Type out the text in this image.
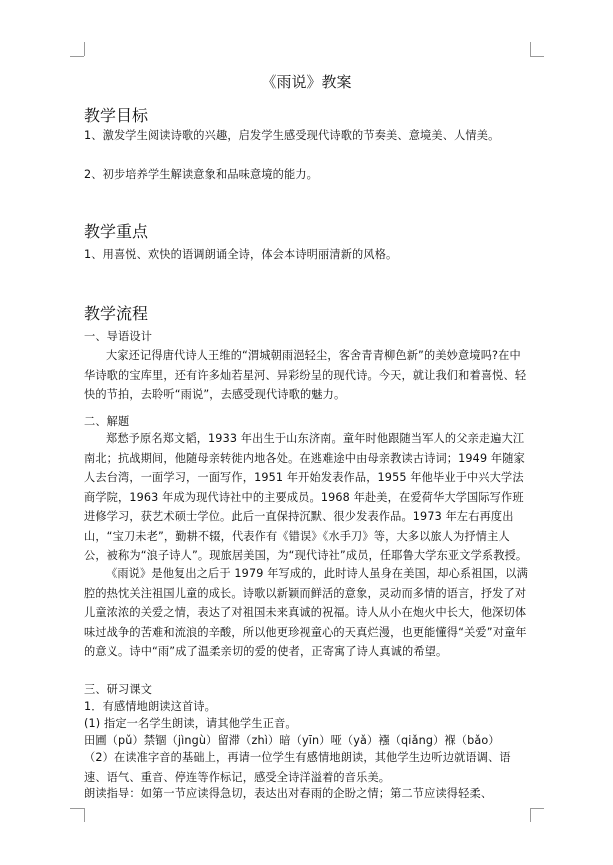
《雨说》教案
教学目标
1、激发学生阅读诗歌的兴趣，启发学生感受现代诗歌的节奏美、意境美、人情美。
2、初步培养学生解读意象和品味意境的能力。
教学重点
1、用喜悦、欢快的语调朗诵全诗，体会本诗明丽清新的风格。
教学流程
一、导语设计
大家还记得唐代诗人王维的“渭城朝雨浥轻尘，客舍青青柳色新”的美妙意境吗?在中华诗歌的宝库里，还有许多灿若星河、异彩纷呈的现代诗。今天，就让我们和着喜悦、轻快的节拍，去聆听“雨说”，去感受现代诗歌的魅力。
二、解题
郑愁予原名郑文韬，1933 年出生于山东济南。童年时他跟随当军人的父亲走遍大江南北；抗战期间，他随母亲转徙内地各处。在逃难途中由母亲教读古诗词；1949 年随家人去台湾，一面学习，一面写作，1951 年开始发表作品，1955 年他毕业于中兴大学法商学院，1963 年成为现代诗社中的主要成员。1968 年赴美，在爱荷华大学国际写作班进修学习，获艺术硕士学位。此后一直保持沉默、很少发表作品。1973 年左右再度出山，“宝刀未老”，勤耕不辍，代表作有《错误》《水手刀》等，大多以旅人为抒情主人公，被称为“浪子诗人”。现旅居美国，为“现代诗社”成员，任耶鲁大学东亚文学系教授。
《雨说》是他复出之后于 1979 年写成的，此时诗人虽身在美国，却心系祖国，以满腔的热忱关注祖国儿童的成长。诗歌以新颖而鲜活的意象，灵动而多情的语言，抒发了对儿童浓浓的关爱之情，表达了对祖国未来真诚的祝福。诗人从小在炮火中长大，他深切体味过战争的苦难和流浪的辛酸，所以他更珍视童心的天真烂漫，也更能懂得“关爱”对童年的意义。诗中“雨”成了温柔亲切的爱的使者，正寄寓了诗人真诚的希望。
三、研习课文
1．有感情地朗读这首诗。
(1) 指定一名学生朗读，请其他学生正音。
田圃（pǔ）禁锢（jìngù）留滞（zhì）暗（yīn）哑（yǎ）襁（qiǎng）褓（bǎo）
（2）在读准字音的基础上，再请一位学生有感情地朗读，其他学生边听边就语调、语速、语气、重音、停连等作标记，感受全诗洋溢着的音乐美。
朗读指导：如第一节应读得急切，表达出对春雨的企盼之情；第二节应读得轻柔、
